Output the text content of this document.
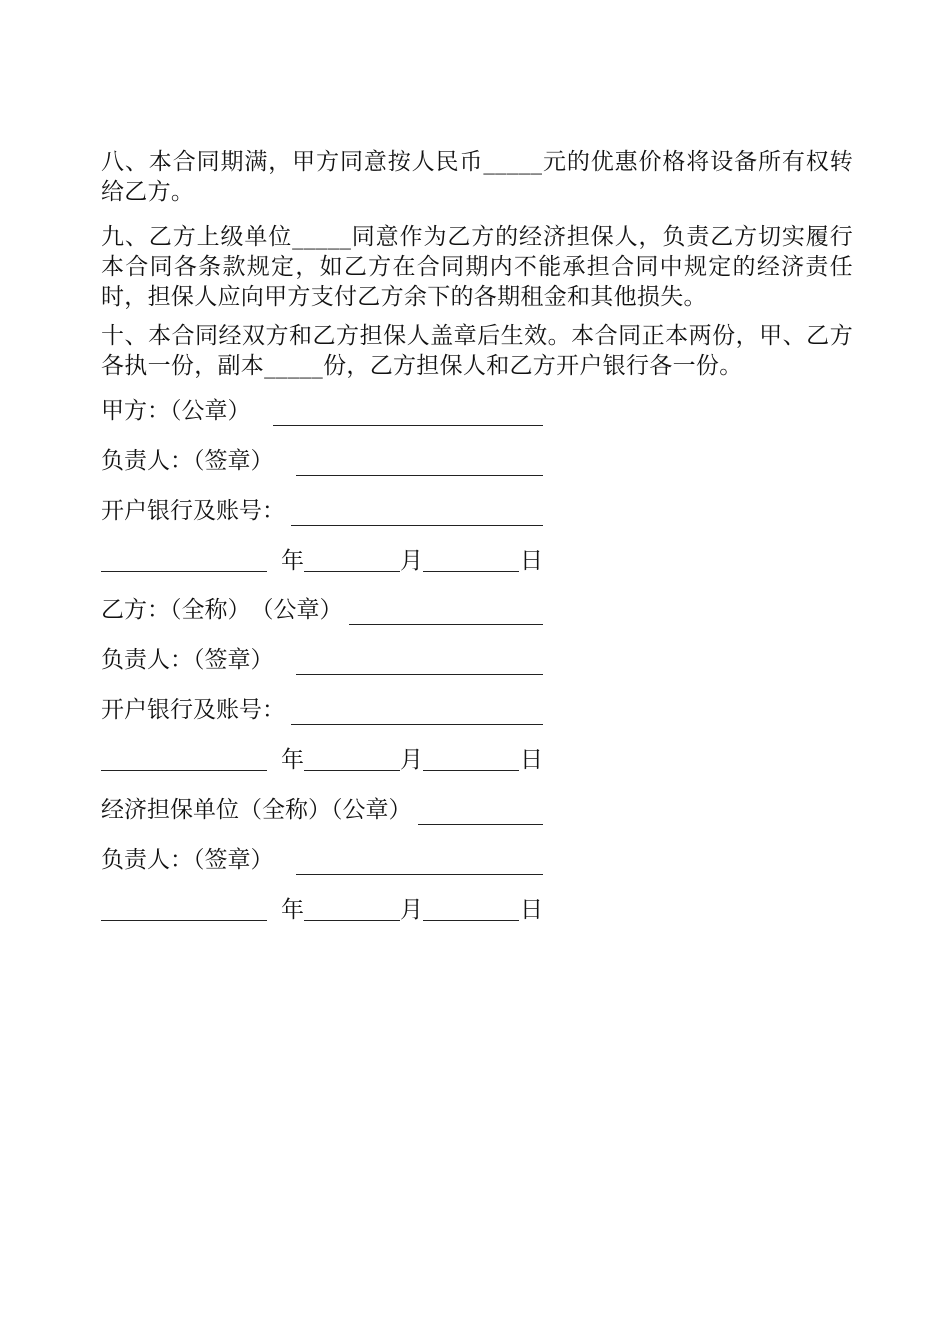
八、本合同期满，甲方同意按人民币_____元的优惠价格将设备所有权转给乙方。

九、乙方上级单位_____同意作为乙方的经济担保人，负责乙方切实履行本合同各条款规定，如乙方在合同期内不能承担合同中规定的经济责任时，担保人应向甲方支付乙方余下的各期租金和其他损失。

十、本合同经双方和乙方担保人盖章后生效。本合同正本两份，甲、乙方各执一份，副本_____份，乙方担保人和乙方开户银行各一份。

甲方：（公章）
负责人：（签章）
开户银行及账号：
年	月	日
乙方：（全称）　（公章）
负责人：（签章）
开户银行及账号：
年	月	日
经济担保单位（全称）（公章）
负责人：（签章）
年	月	日
